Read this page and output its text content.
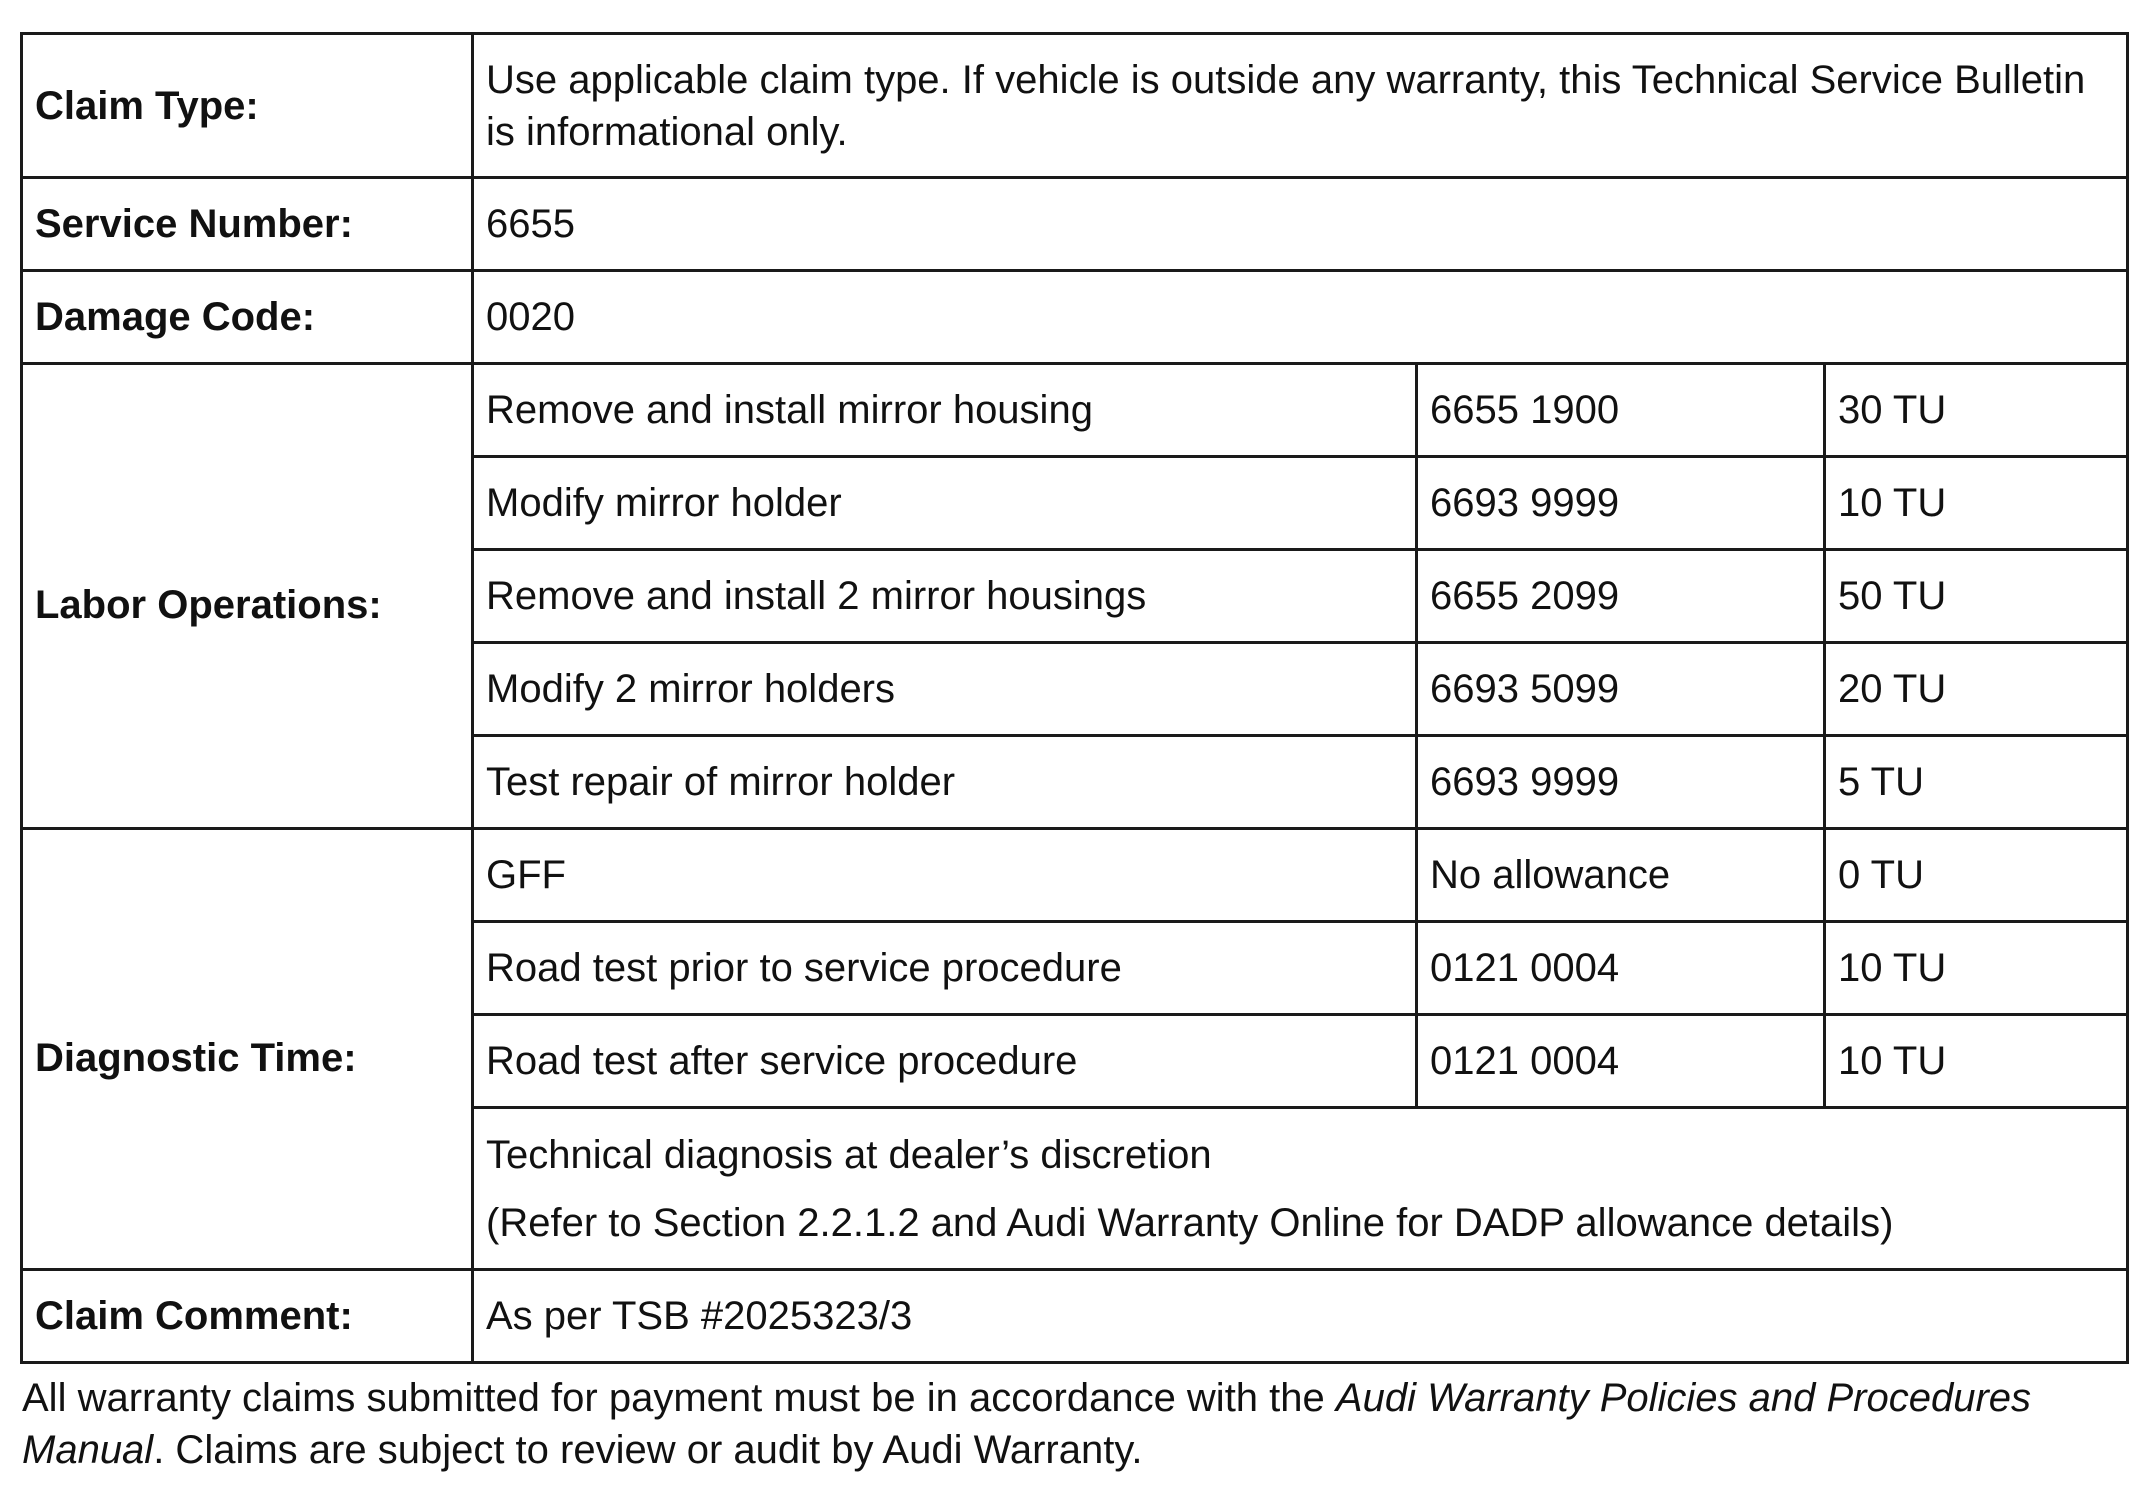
Claim Type:	Use applicable claim type. If vehicle is outside any warranty, this Technical Service Bulletin is informational only.		
Service Number:	6655		
Damage Code:	0020		
Labor Operations:	Remove and install mirror housing	6655 1900	30 TU
	Modify mirror holder	6693 9999	10 TU
	Remove and install 2 mirror housings	6655 2099	50 TU
	Modify 2 mirror holders	6693 5099	20 TU
	Test repair of mirror holder	6693 9999	5 TU
Diagnostic Time:	GFF	No allowance	0 TU
	Road test prior to service procedure	0121 0004	10 TU
	Road test after service procedure	0121 0004	10 TU

	Technical diagnosis at dealer’s discretion
(Refer to Section 2.2.1.2 and Audi Warranty Online for DADP allowance details)		

Claim Comment:	As per TSB #2025323/3		

All warranty claims submitted for payment must be in accordance with the Audi Warranty Policies and Procedures Manual. Claims are subject to review or audit by Audi Warranty.
